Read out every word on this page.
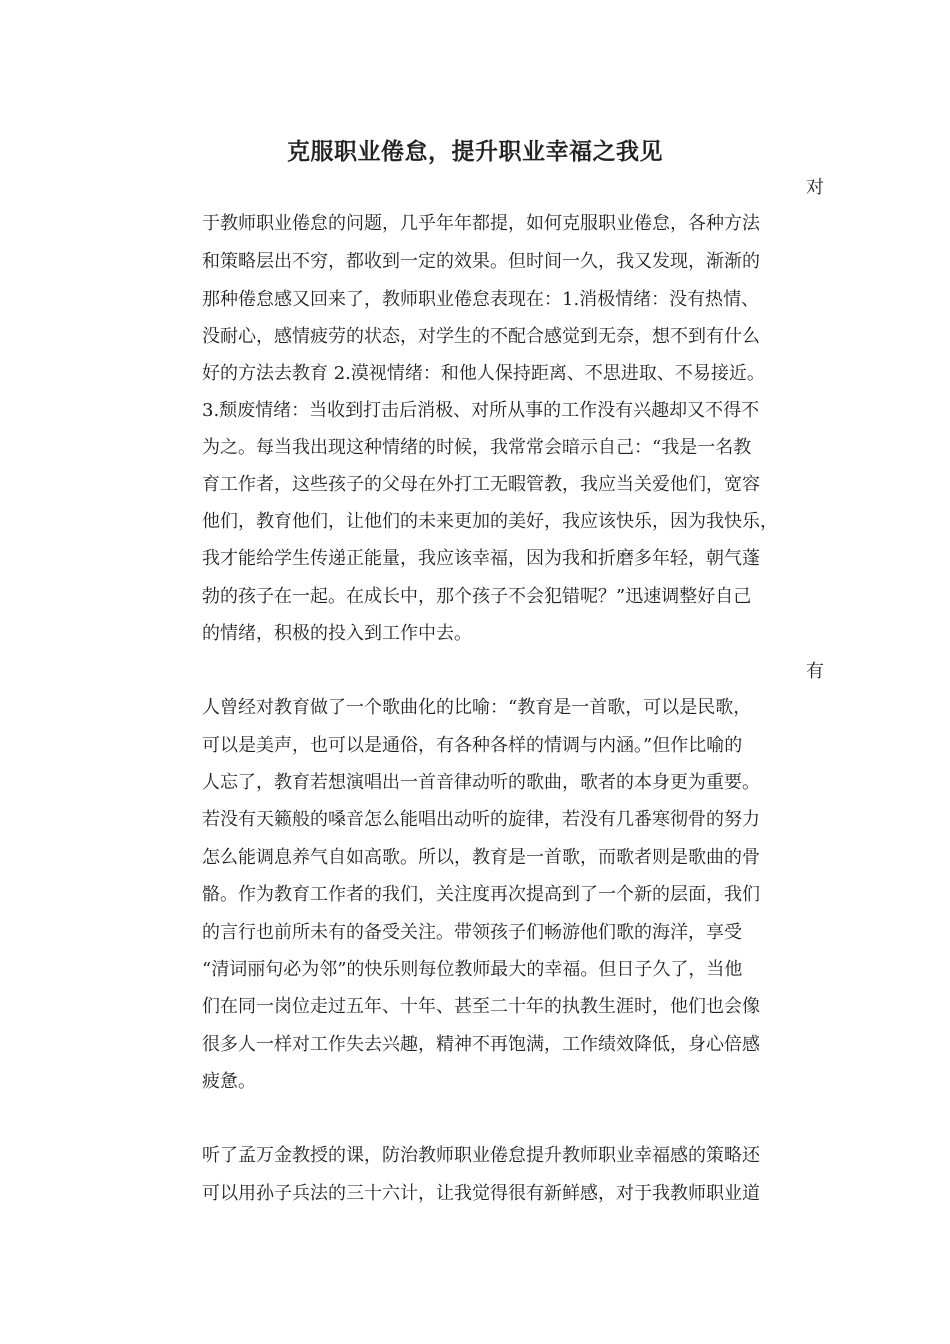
克服职业倦怠，提升职业幸福之我见
对
于教师职业倦怠的问题，几乎年年都提，如何克服职业倦怠，各种方法
和策略层出不穷，都收到一定的效果。但时间一久，我又发现，渐渐的
那种倦怠感又回来了，教师职业倦怠表现在：1.消极情绪：没有热情、
没耐心，感情疲劳的状态，对学生的不配合感觉到无奈，想不到有什么
好的方法去教育 2.漠视情绪：和他人保持距离、不思进取、不易接近。
3.颓废情绪：当收到打击后消极、对所从事的工作没有兴趣却又不得不
为之。每当我出现这种情绪的时候，我常常会暗示自己：“我是一名教
育工作者，这些孩子的父母在外打工无暇管教，我应当关爱他们，宽容
他们，教育他们，让他们的未来更加的美好，我应该快乐，因为我快乐，
我才能给学生传递正能量，我应该幸福，因为我和折磨多年轻，朝气蓬
勃的孩子在一起。在成长中，那个孩子不会犯错呢？”迅速调整好自己
的情绪，积极的投入到工作中去。
有
人曾经对教育做了一个歌曲化的比喻：“教育是一首歌，可以是民歌，
可以是美声，也可以是通俗，有各种各样的情调与内涵。”但作比喻的
人忘了，教育若想演唱出一首音律动听的歌曲，歌者的本身更为重要。
若没有天籁般的嗓音怎么能唱出动听的旋律，若没有几番寒彻骨的努力
怎么能调息养气自如高歌。所以，教育是一首歌，而歌者则是歌曲的骨
骼。作为教育工作者的我们，关注度再次提高到了一个新的层面，我们
的言行也前所未有的备受关注。带领孩子们畅游他们歌的海洋，享受
“清词丽句必为邻”的快乐则每位教师最大的幸福。但日子久了，当他
们在同一岗位走过五年、十年、甚至二十年的执教生涯时，他们也会像
很多人一样对工作失去兴趣，精神不再饱满，工作绩效降低，身心倍感
疲惫。
听了孟万金教授的课，防治教师职业倦怠提升教师职业幸福感的策略还
可以用孙子兵法的三十六计，让我觉得很有新鲜感，对于我教师职业道
